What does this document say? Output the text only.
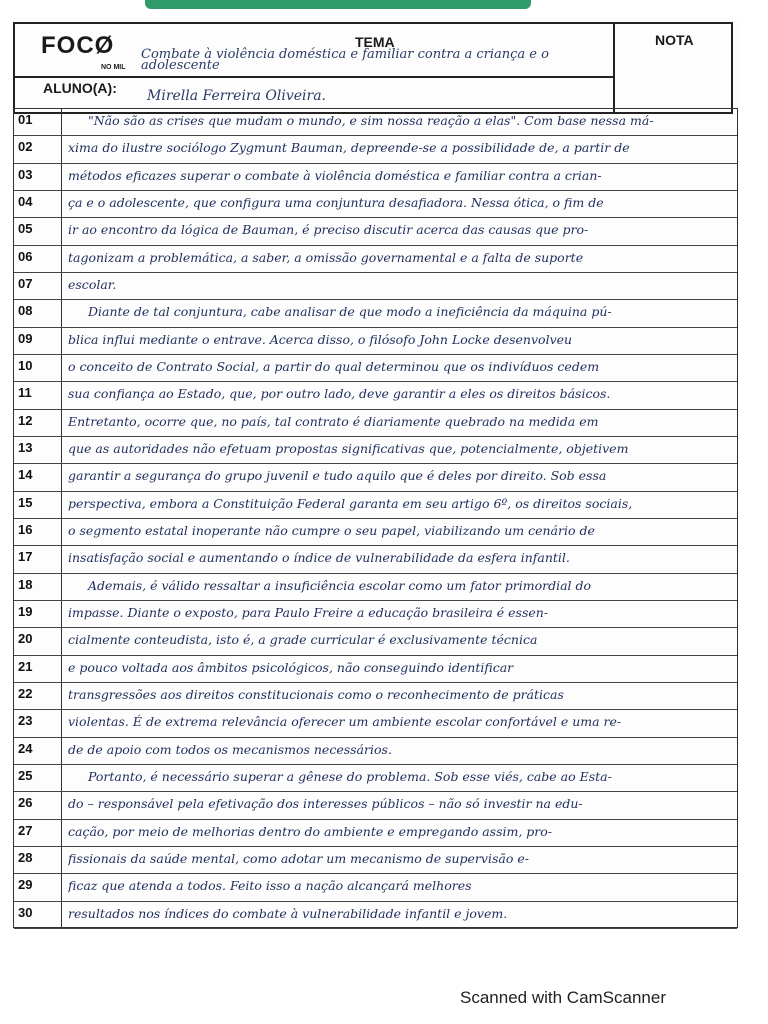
FOCØ
NO MIL
TEMA
Combate à violência doméstica e familiar contra a criança e o adolescente
NOTA
ALUNO(A): Mirella Ferreira Oliveira.
01	"Não são as crises que mudam o mundo, e sim nossa reação a elas". Com base nessa má-
02	xima do ilustre sociólogo Zygmunt Bauman, depreende-se a possibilidade de, a partir de
03	métodos eficazes superar o combate à violência doméstica e familiar contra a crian-
04	ça e o adolescente, que configura uma conjuntura desafiadora. Nessa ótica, o fim de
05	ir ao encontro da lógica de Bauman, é preciso discutir acerca das causas que pro-
06	tagonizam a problemática, a saber, a omissão governamental e a falta de suporte
07	escolar.
08	Diante de tal conjuntura, cabe analisar de que modo a ineficiência da máquina pú-
09	blica influi mediante o entrave. Acerca disso, o filósofo John Locke desenvolveu
10	o conceito de Contrato Social, a partir do qual determinou que os indivíduos cedem
11	sua confiança ao Estado, que, por outro lado, deve garantir a eles os direitos básicos.
12	Entretanto, ocorre que, no país, tal contrato é diariamente quebrado na medida em
13	que as autoridades não efetuam propostas significativas que, potencialmente, objetivem
14	garantir a segurança do grupo juvenil e tudo aquilo que é deles por direito. Sob essa
15	perspectiva, embora a Constituição Federal garanta em seu artigo 6º, os direitos sociais,
16	o segmento estatal inoperante não cumpre o seu papel, viabilizando um cenário de
17	insatisfação social e aumentando o índice de vulnerabilidade da esfera infantil.
18	Ademais, é válido ressaltar a insuficiência escolar como um fator primordial do
19	impasse. Diante o exposto, para Paulo Freire a educação brasileira é essen-
20	cialmente conteudista, isto é, a grade curricular é exclusivamente técnica
21	e pouco voltada aos âmbitos psicológicos, não conseguindo identificar
22	transgressões aos direitos constitucionais como o reconhecimento de práticas
23	violentas. É de extrema relevância oferecer um ambiente escolar confortável e uma re-
24	de de apoio com todos os mecanismos necessários.
25	Portanto, é necessário superar a gênese do problema. Sob esse viés, cabe ao Esta-
26	do – responsável pela efetivação dos interesses públicos – não só investir na edu-
27	cação, por meio de melhorias dentro do ambiente e empregando assim, pro-
28	fissionais da saúde mental, como adotar um mecanismo de supervisão e-
29	ficaz que atenda a todos. Feito isso a nação alcançará melhores
30	resultados nos índices do combate à vulnerabilidade infantil e jovem.
Scanned with CamScanner
